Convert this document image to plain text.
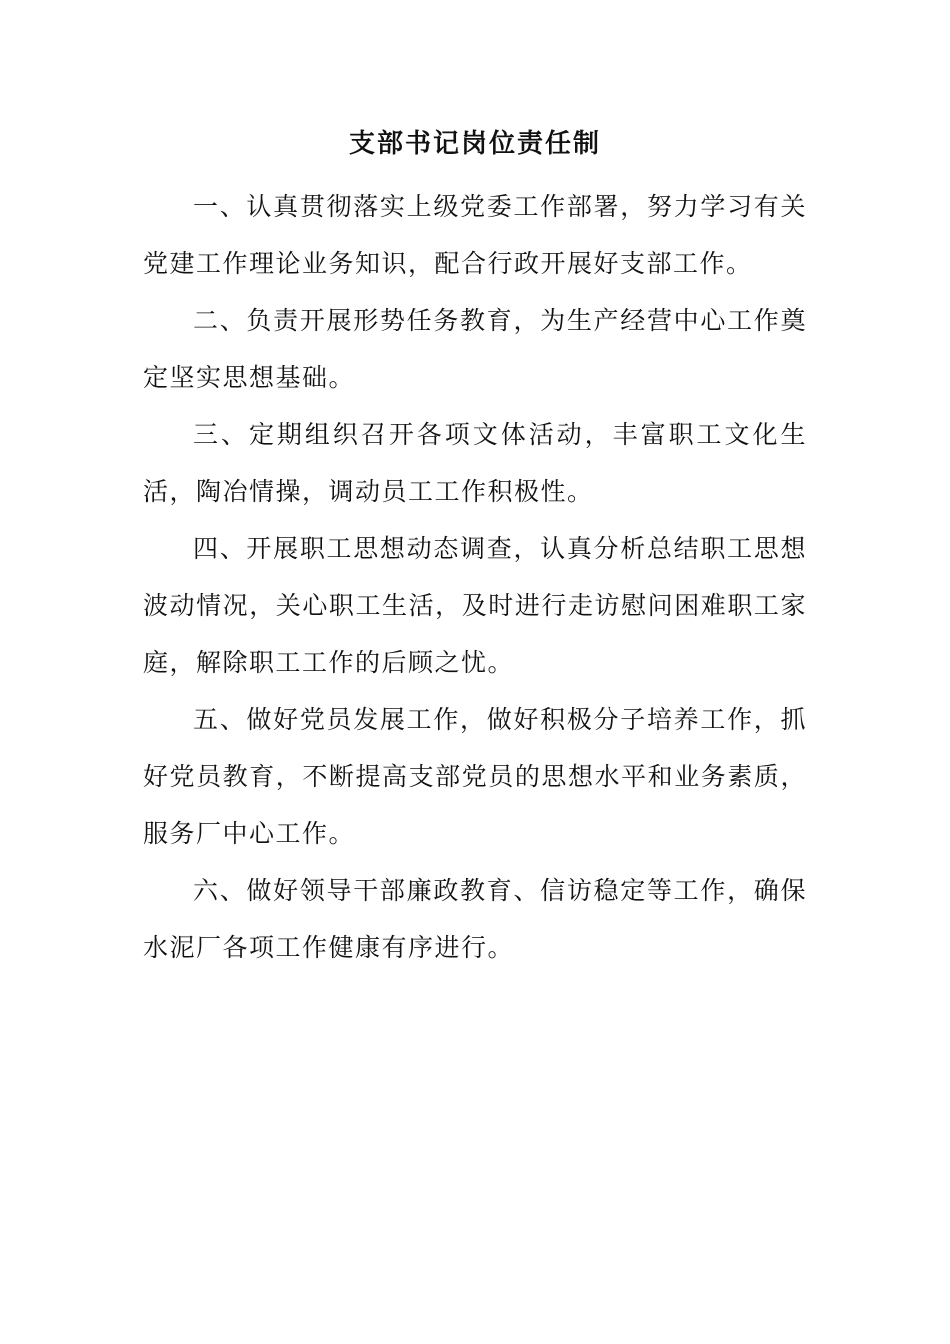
支部书记岗位责任制

一、认真贯彻落实上级党委工作部署，努力学习有关党建工作理论业务知识，配合行政开展好支部工作。

二、负责开展形势任务教育，为生产经营中心工作奠定坚实思想基础。

三、定期组织召开各项文体活动，丰富职工文化生活，陶冶情操，调动员工工作积极性。

四、开展职工思想动态调查，认真分析总结职工思想波动情况，关心职工生活，及时进行走访慰问困难职工家庭，解除职工工作的后顾之忧。

五、做好党员发展工作，做好积极分子培养工作，抓好党员教育，不断提高支部党员的思想水平和业务素质，服务厂中心工作。

六、做好领导干部廉政教育、信访稳定等工作，确保水泥厂各项工作健康有序进行。
